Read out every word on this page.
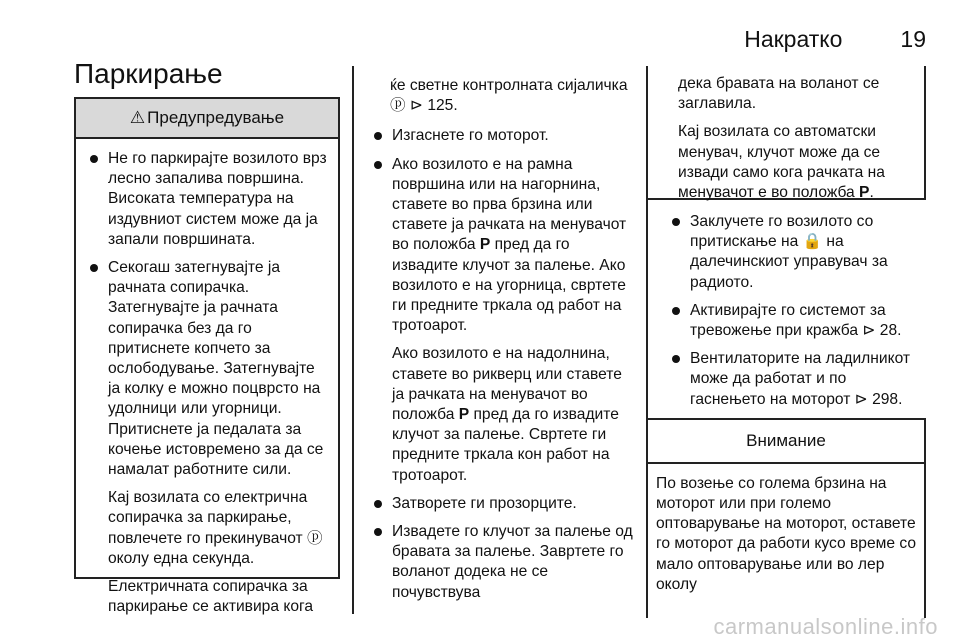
Накратко	19
Паркирање
⚠ Предупредување
Не го паркирајте возилото врз лесно запалива површина. Високата температура на издувниот систем може да ја запали површината.
Секогаш затегнувајте ја рачната сопирачка. Затегнувајте ја рачната сопирачка без да го притиснете копчето за ослободување. Затегнувајте ја колку е можно поцврсто на удолници или угорници. Притиснете ја педалата за кочење истовремено за да се намалат работните сили.
Кај возилата со електрична сопирачка за паркирање, повлечете го прекинувачот ⓟ околу една секунда.
Електричната сопирачка за паркирање се активира кога
ќе светне контролната сијаличка ⓟ ⊳ 125.
Изгаснете го моторот.
Ако возилото е на рамна површина или на нагорнина, ставете во прва брзина или ставете ја рачката на менувачот во положба P пред да го извадите клучот за палење. Ако возилото е на угорница, свртете ги предните тркала од работ на тротоарот.
Ако возилото е на надолнина, ставете во рикверц или ставете ја рачката на менувачот во положба P пред да го извадите клучот за палење. Свртете ги предните тркала кон работ на тротоарот.
Затворете ги прозорците.
Извадете го клучот за палење од бравата за палење. Завртете го воланот додека не се почувствува
дека бравата на воланот се заглавила.
Кај возилата со автоматски менувач, клучот може да се извади само кога рачката на менувачот е во положба P.
Заклучете го возилото со притискање на 🔒 на далечинскиот управувач за радиото.
Активирајте го системот за тревожење при кражба ⊳ 28.
Вентилаторите на ладилникот може да работат и по гаснењето на моторот ⊳ 298.
Внимание
По возење со голема брзина на моторот или при големо оптоварување на моторот, оставете го моторот да работи кусо време со мало оптоварување или во лер околу
carmanualsonline.info
